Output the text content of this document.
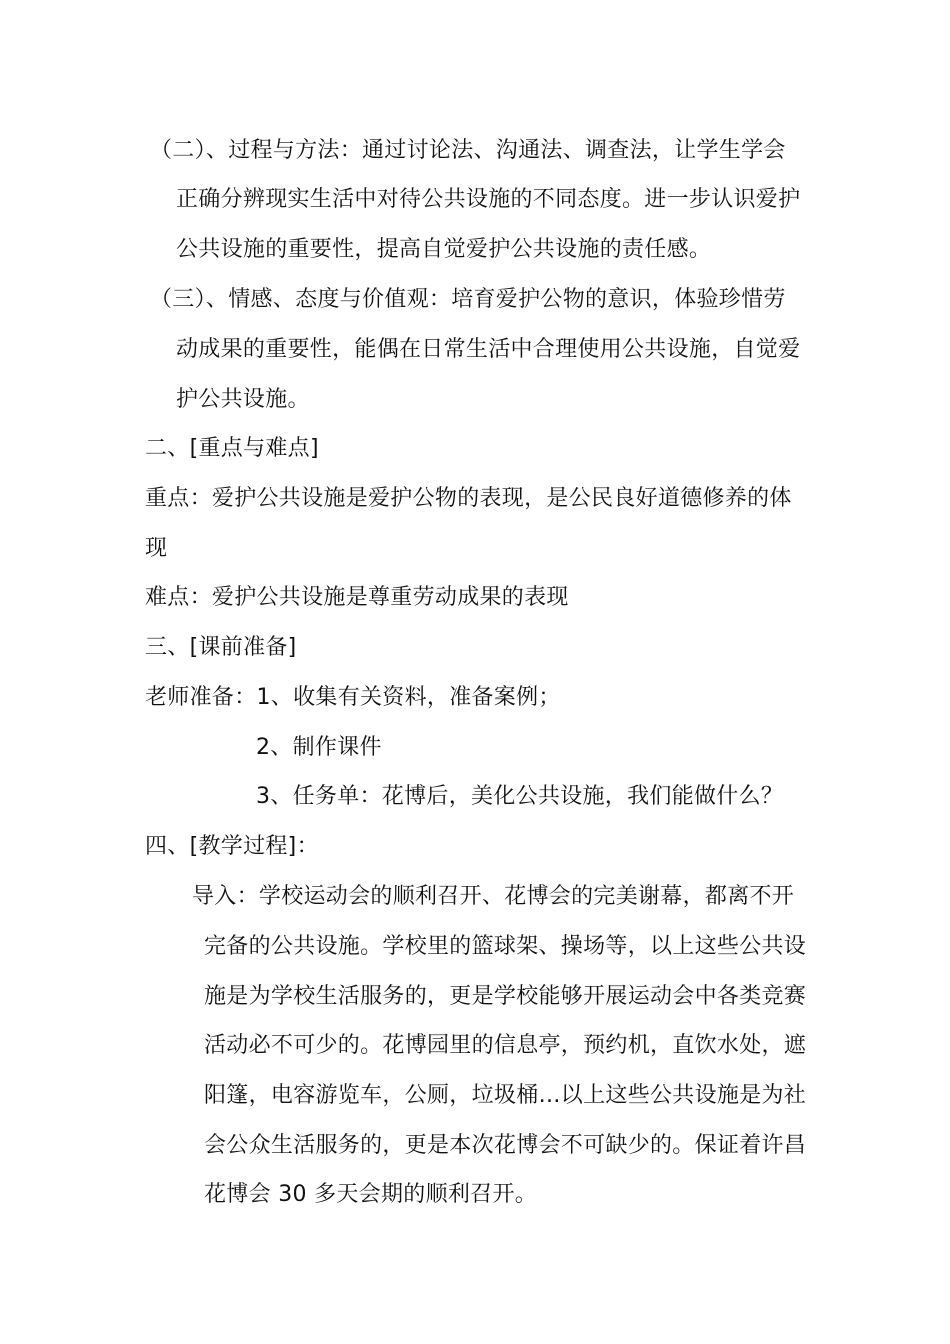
（二）、过程与方法：通过讨论法、沟通法、调查法，让学生学会
正确分辨现实生活中对待公共设施的不同态度。进一步认识爱护
公共设施的重要性，提高自觉爱护公共设施的责任感。
（三）、情感、态度与价值观：培育爱护公物的意识，体验珍惜劳
动成果的重要性，能偶在日常生活中合理使用公共设施，自觉爱
护公共设施。
二、[重点与难点]
重点：爱护公共设施是爱护公物的表现，是公民良好道德修养的体
现
难点：爱护公共设施是尊重劳动成果的表现
三、[课前准备]
老师准备：1、收集有关资料，准备案例；
2、制作课件
3、任务单：花博后，美化公共设施，我们能做什么？
四、[教学过程]：
导入：学校运动会的顺利召开、花博会的完美谢幕，都离不开
完备的公共设施。学校里的篮球架、操场等，以上这些公共设
施是为学校生活服务的，更是学校能够开展运动会中各类竞赛
活动必不可少的。花博园里的信息亭，预约机，直饮水处，遮
阳篷，电容游览车，公厕，垃圾桶…以上这些公共设施是为社
会公众生活服务的，更是本次花博会不可缺少的。保证着许昌
花博会 30 多天会期的顺利召开。
